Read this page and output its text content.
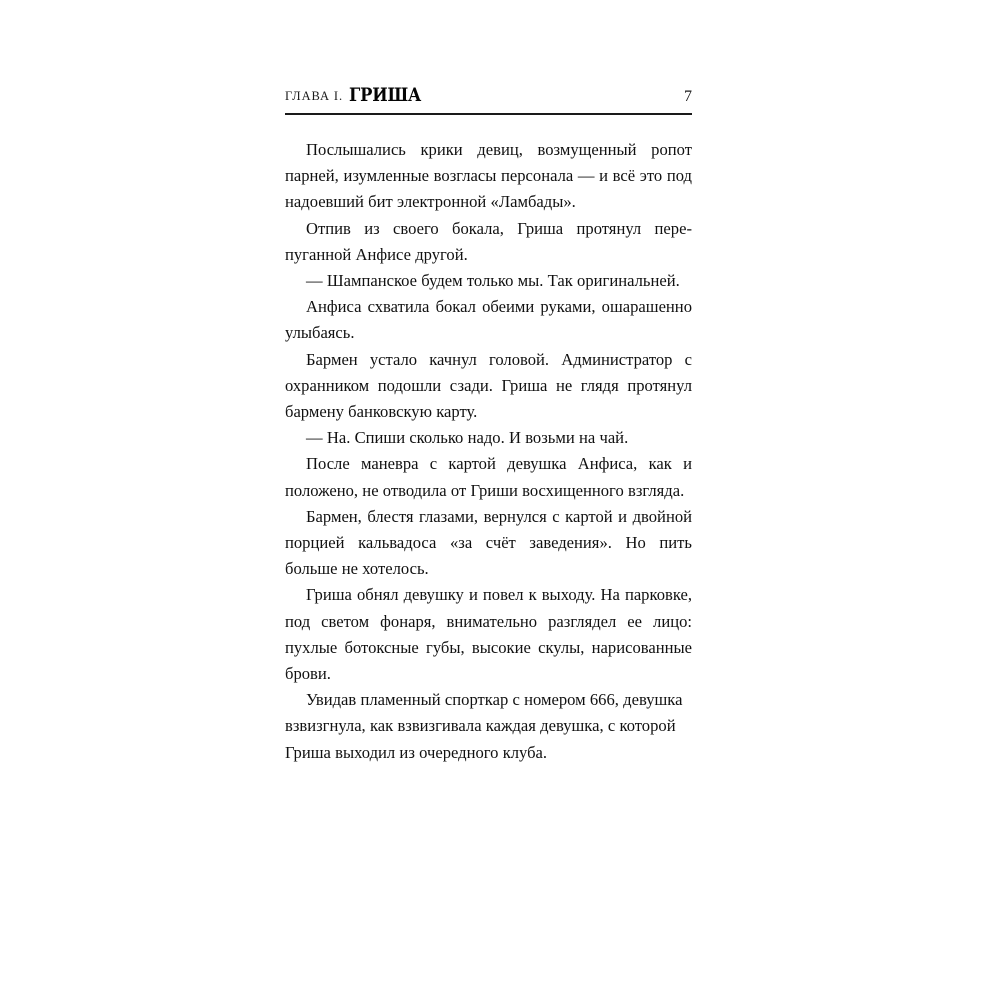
ГЛАВА I. ГРИША	7

Послышались крики девиц, возмущенный ропот парней, изумленные возгласы персонала — и всё это под надоевший бит электронной «Ламбады».

Отпив из своего бокала, Гриша протянул перепуганной Анфисе другой.

— Шампанское будем только мы. Так оригинальней.

Анфиса схватила бокал обеими руками, ошарашенно улыбаясь.

Бармен устало качнул головой. Администратор с охранником подошли сзади. Гриша не глядя протянул бармену банковскую карту.

— На. Спиши сколько надо. И возьми на чай.

После маневра с картой девушка Анфиса, как и положено, не отводила от Гриши восхищенного взгляда.

Бармен, блестя глазами, вернулся с картой и двойной порцией кальвадоса «за счёт заведения». Но пить больше не хотелось.

Гриша обнял девушку и повел к выходу. На парковке, под светом фонаря, внимательно разглядел ее лицо: пухлые ботоксные губы, высокие скулы, нарисованные брови.

Увидав пламенный спорткар с номером 666, девушка взвизгнула, как взвизгивала каждая девушка, с которой Гриша выходил из очередного клуба.
